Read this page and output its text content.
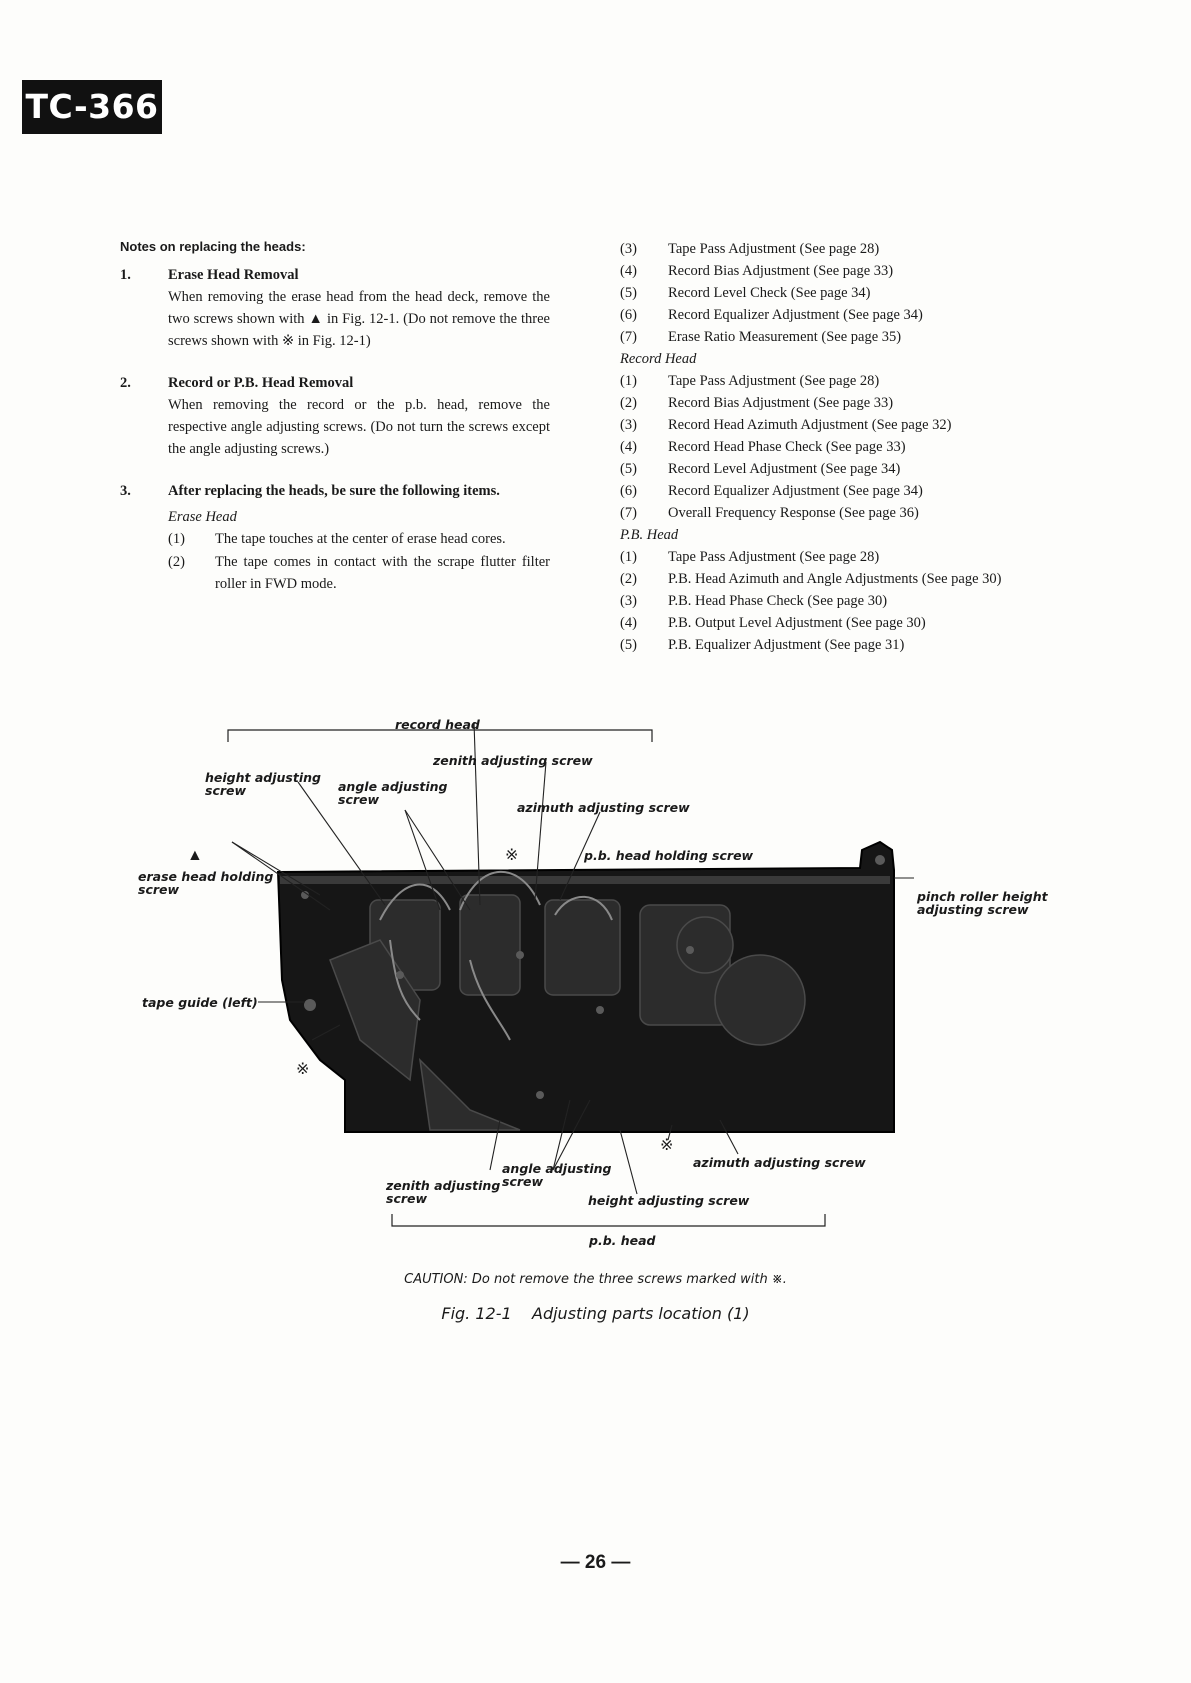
TC-366
Notes on replacing the heads:
1.	Erase Head Removal
When removing the erase head from the head deck, remove the two screws shown with ▲ in Fig. 12-1. (Do not remove the three screws shown with ※ in Fig. 12-1)
2.	Record or P.B. Head Removal
When removing the record or the p.b. head, remove the respective angle adjusting screws. (Do not turn the screws except the angle adjusting screws.)
3.	After replacing the heads, be sure the following items.
Erase Head
(1) The tape touches at the center of erase head cores.
(2) The tape comes in contact with the scrape flutter filter roller in FWD mode.
(3) Tape Pass Adjustment (See page 28)
(4) Record Bias Adjustment (See page 33)
(5) Record Level Check (See page 34)
(6) Record Equalizer Adjustment (See page 34)
(7) Erase Ratio Measurement (See page 35)
Record Head
(1) Tape Pass Adjustment (See page 28)
(2) Record Bias Adjustment (See page 33)
(3) Record Head Azimuth Adjustment (See page 32)
(4) Record Head Phase Check (See page 33)
(5) Record Level Adjustment (See page 34)
(6) Record Equalizer Adjustment (See page 34)
(7) Overall Frequency Response (See page 36)
P.B. Head
(1) Tape Pass Adjustment (See page 28)
(2) P.B. Head Azimuth and Angle Adjustments (See page 30)
(3) P.B. Head Phase Check (See page 30)
(4) P.B. Output Level Adjustment (See page 30)
(5) P.B. Equalizer Adjustment (See page 31)
record head
zenith adjusting screw
height adjusting
screw	angle adjusting
screw
azimuth adjusting screw
▲	※	p.b. head holding screw
erase head holding
screw	pinch roller height
adjusting screw
tape guide (left)
※
※
azimuth adjusting screw
angle adjusting
screw
zenith adjusting
screw	height adjusting screw
p.b. head
CAUTION: Do not remove the three screws marked with ※.
Fig. 12-1    Adjusting parts location (1)
— 26 —
